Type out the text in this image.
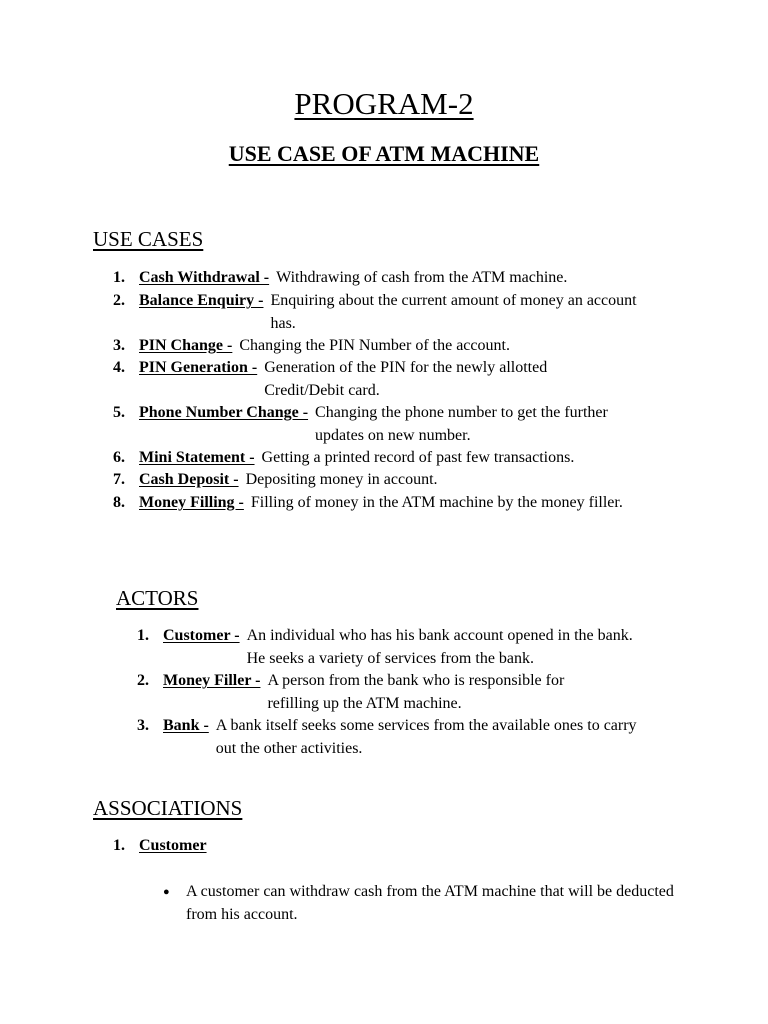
PROGRAM-2
USE CASE OF ATM MACHINE
USE CASES
1. Cash Withdrawal - Withdrawing of cash from the ATM machine.
2. Balance Enquiry - Enquiring about the current amount of money an account has.
3. PIN Change - Changing the PIN Number of the account.
4. PIN Generation - Generation of the PIN for the newly allotted Credit/Debit card.
5. Phone Number Change - Changing the phone number to get the further updates on new number.
6. Mini Statement - Getting a printed record of past few transactions.
7. Cash Deposit - Depositing money in account.
8. Money Filling - Filling of money in the ATM machine by the money filler.
ACTORS
1. Customer - An individual who has his bank account opened in the bank. He seeks a variety of services from the bank.
2. Money Filler - A person from the bank who is responsible for refilling up the ATM machine.
3. Bank - A bank itself seeks some services from the available ones to carry out the other activities.
ASSOCIATIONS
1. Customer
●	A customer can withdraw cash from the ATM machine that will be deducted from his account.
